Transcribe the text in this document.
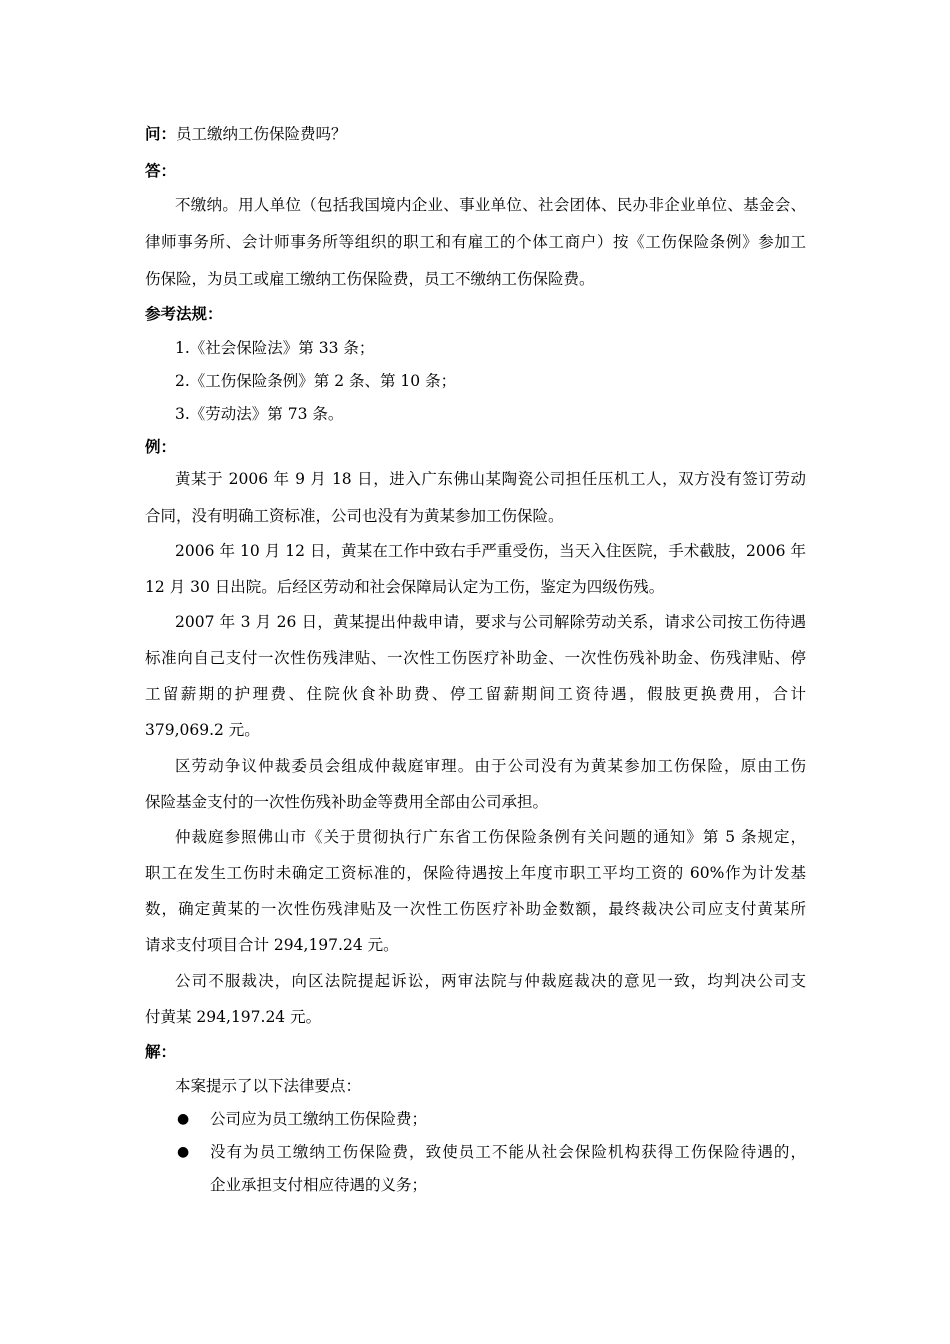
问：员工缴纳工伤保险费吗？
答：
不缴纳。用人单位（包括我国境内企业、事业单位、社会团体、民办非企业单位、基金会、
律师事务所、会计师事务所等组织的职工和有雇工的个体工商户）按《工伤保险条例》参加工
伤保险，为员工或雇工缴纳工伤保险费，员工不缴纳工伤保险费。
参考法规：
1.《社会保险法》第 33 条；
2.《工伤保险条例》第 2 条、第 10 条；
3.《劳动法》第 73 条。
例：
黄某于 2006 年 9 月 18 日，进入广东佛山某陶瓷公司担任压机工人，双方没有签订劳动
合同，没有明确工资标准，公司也没有为黄某参加工伤保险。
2006 年 10 月 12 日，黄某在工作中致右手严重受伤，当天入住医院，手术截肢，2006 年
12 月 30 日出院。后经区劳动和社会保障局认定为工伤，鉴定为四级伤残。
2007 年 3 月 26 日，黄某提出仲裁申请，要求与公司解除劳动关系，请求公司按工伤待遇
标准向自己支付一次性伤残津贴、一次性工伤医疗补助金、一次性伤残补助金、伤残津贴、停
工留薪期的护理费、住院伙食补助费、停工留薪期间工资待遇，假肢更换费用，合计
379,069.2 元。
区劳动争议仲裁委员会组成仲裁庭审理。由于公司没有为黄某参加工伤保险，原由工伤
保险基金支付的一次性伤残补助金等费用全部由公司承担。
仲裁庭参照佛山市《关于贯彻执行广东省工伤保险条例有关问题的通知》第 5 条规定，
职工在发生工伤时未确定工资标准的，保险待遇按上年度市职工平均工资的 60%作为计发基
数，确定黄某的一次性伤残津贴及一次性工伤医疗补助金数额，最终裁决公司应支付黄某所
请求支付项目合计 294,197.24 元。
公司不服裁决，向区法院提起诉讼，两审法院与仲裁庭裁决的意见一致，均判决公司支
付黄某 294,197.24 元。
解：
本案提示了以下法律要点：
● 公司应为员工缴纳工伤保险费；
● 没有为员工缴纳工伤保险费，致使员工不能从社会保险机构获得工伤保险待遇的，
企业承担支付相应待遇的义务；
